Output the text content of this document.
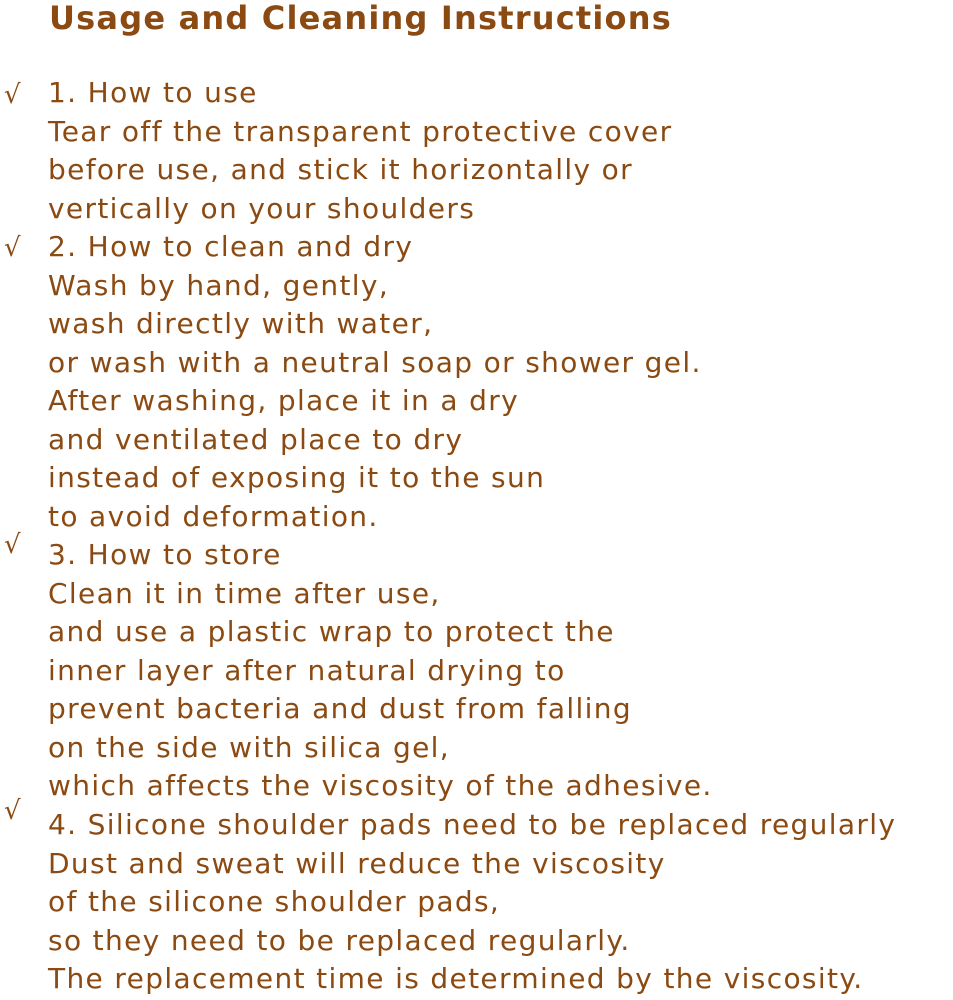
Usage and Cleaning Instructions
√ 1. How to use
Tear off the transparent protective cover
before use, and stick it horizontally or
vertically on your shoulders
√ 2. How to clean and dry
Wash by hand, gently,
wash directly with water,
or wash with a neutral soap or shower gel.
After washing, place it in a dry
and ventilated place to dry
instead of exposing it to the sun
to avoid deformation.
√ 3. How to store
Clean it in time after use,
and use a plastic wrap to protect the
inner layer after natural drying to
prevent bacteria and dust from falling
on the side with silica gel,
which affects the viscosity of the adhesive.
√ 4. Silicone shoulder pads need to be replaced regularly
Dust and sweat will reduce the viscosity
of the silicone shoulder pads,
so they need to be replaced regularly.
The replacement time is determined by the viscosity.
